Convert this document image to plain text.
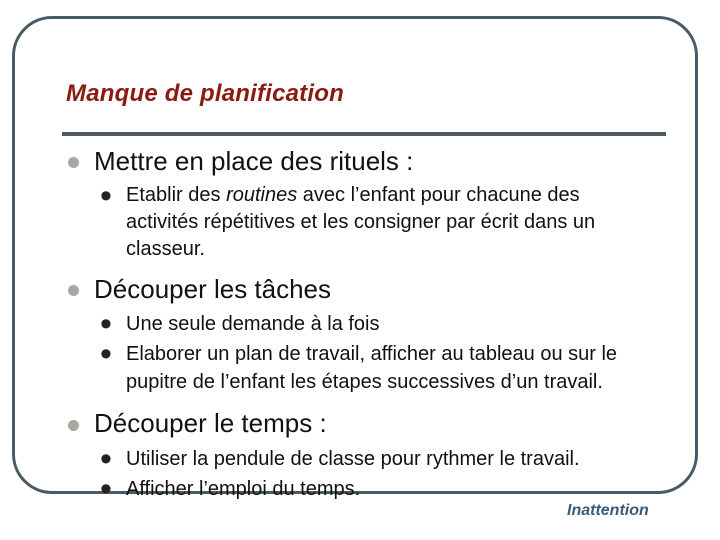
Manque de planification
Mettre en place des rituels :
• Etablir des routines avec l’enfant pour chacune des
activités répétitives et les consigner par écrit dans un
classeur.
Découper les tâches
• Une seule demande à la fois
• Elaborer un plan de travail, afficher au tableau ou sur le
pupitre de l’enfant les étapes successives d’un travail.
Découper le temps :
• Utiliser la pendule de classe pour rythmer le travail.
• Afficher l’emploi du temps.
Inattention
